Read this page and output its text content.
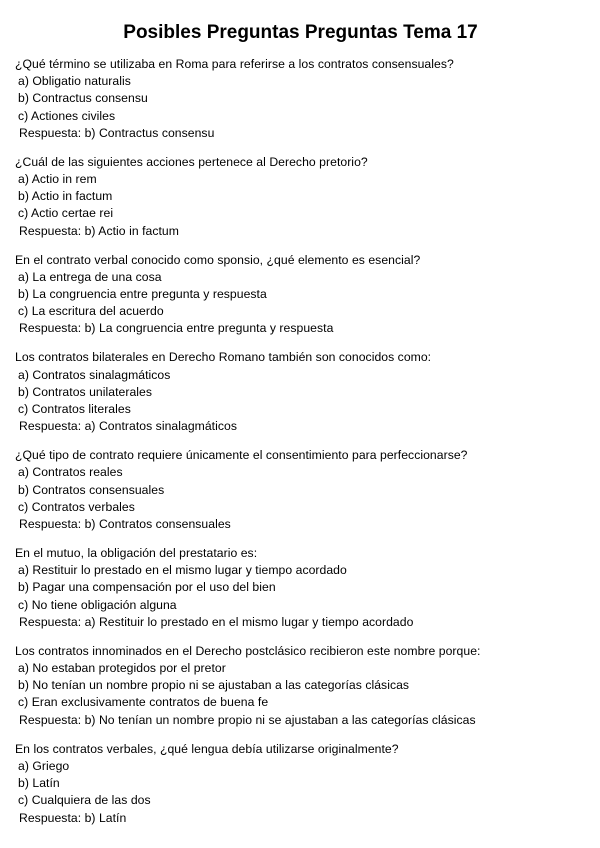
Posibles Preguntas Preguntas Tema 17
¿Qué término se utilizaba en Roma para referirse a los contratos consensuales?
a) Obligatio naturalis
b) Contractus consensu
c) Actiones civiles
Respuesta: b) Contractus consensu
¿Cuál de las siguientes acciones pertenece al Derecho pretorio?
a) Actio in rem
b) Actio in factum
c) Actio certae rei
Respuesta: b) Actio in factum
En el contrato verbal conocido como sponsio, ¿qué elemento es esencial?
a) La entrega de una cosa
b) La congruencia entre pregunta y respuesta
c) La escritura del acuerdo
Respuesta: b) La congruencia entre pregunta y respuesta
Los contratos bilaterales en Derecho Romano también son conocidos como:
a) Contratos sinalagmáticos
b) Contratos unilaterales
c) Contratos literales
Respuesta: a) Contratos sinalagmáticos
¿Qué tipo de contrato requiere únicamente el consentimiento para perfeccionarse?
a) Contratos reales
b) Contratos consensuales
c) Contratos verbales
Respuesta: b) Contratos consensuales
En el mutuo, la obligación del prestatario es:
a) Restituir lo prestado en el mismo lugar y tiempo acordado
b) Pagar una compensación por el uso del bien
c) No tiene obligación alguna
Respuesta: a) Restituir lo prestado en el mismo lugar y tiempo acordado
Los contratos innominados en el Derecho postclásico recibieron este nombre porque:
a) No estaban protegidos por el pretor
b) No tenían un nombre propio ni se ajustaban a las categorías clásicas
c) Eran exclusivamente contratos de buena fe
Respuesta: b) No tenían un nombre propio ni se ajustaban a las categorías clásicas
En los contratos verbales, ¿qué lengua debía utilizarse originalmente?
a) Griego
b) Latín
c) Cualquiera de las dos
Respuesta: b) Latín
